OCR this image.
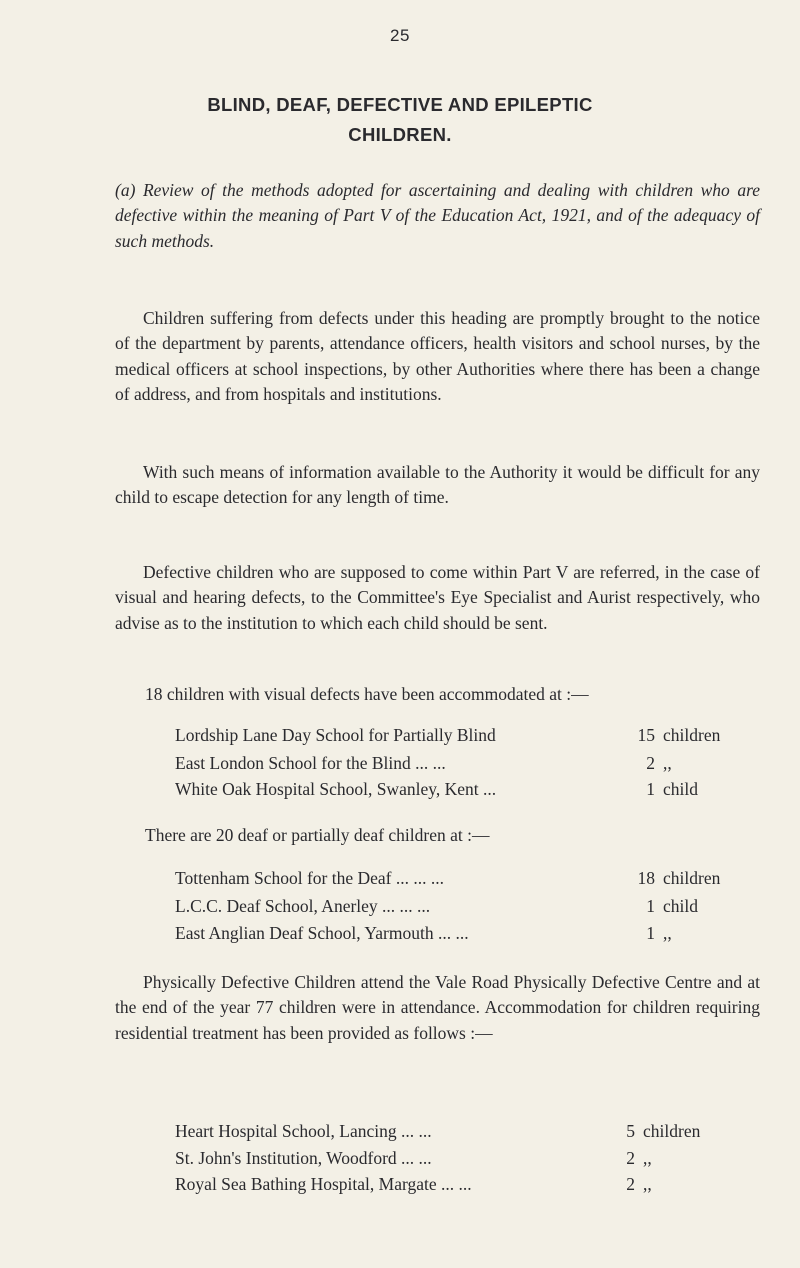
25
BLIND, DEAF, DEFECTIVE AND EPILEPTIC
CHILDREN.

(a) Review of the methods adopted for ascertaining and dealing with children who are defective within the meaning of Part V of the Education Act, 1921, and of the adequacy of such methods.

Children suffering from defects under this heading are promptly brought to the notice of the department by parents, attendance officers, health visitors and school nurses, by the medical officers at school inspections, by other Authorities where there has been a change of address, and from hospitals and institutions.

With such means of information available to the Authority it would be difficult for any child to escape detection for any length of time.

Defective children who are supposed to come within Part V are referred, in the case of visual and hearing defects, to the Committee's Eye Specialist and Aurist respectively, who advise as to the institution to which each child should be sent.

18 children with visual defects have been accommodated at :—
Lordship Lane Day School for Partially Blind	15 children
East London School for the Blind ... ...	2 ,,
White Oak Hospital School, Swanley, Kent ...	1 child
There are 20 deaf or partially deaf children at :—
Tottenham School for the Deaf ... ... ...	18 children
L.C.C. Deaf School, Anerley ... ... ...	1 child
East Anglian Deaf School, Yarmouth ... ...	1 ,,

Physically Defective Children attend the Vale Road Physically Defective Centre and at the end of the year 77 children were in attendance. Accommodation for children requiring residential treatment has been provided as follows :—

Heart Hospital School, Lancing ... ...	5 children
St. John's Institution, Woodford ... ...	2 ,,
Royal Sea Bathing Hospital, Margate ... ...	2 ,,
